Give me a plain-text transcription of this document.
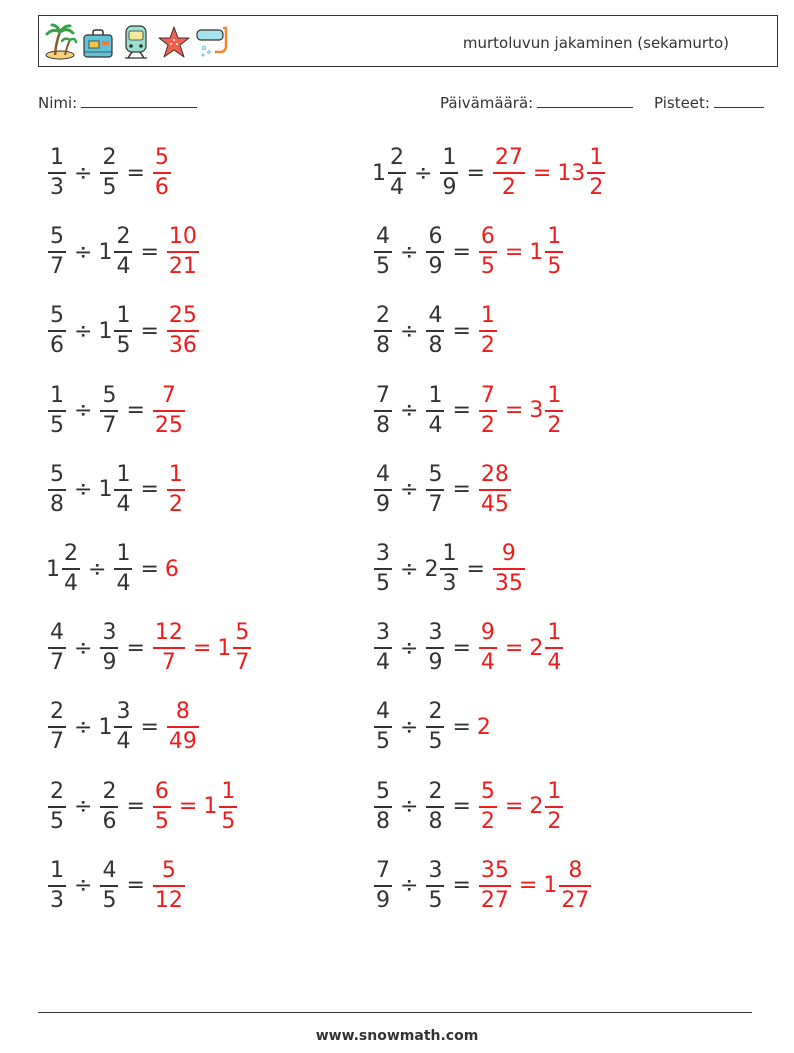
murtoluvun jakaminen (sekamurto)
Nimi:	Päivämäärä:	Pisteet:
$\frac{1}{3} \div \frac{2}{5} = \frac{5}{6}$	$1 \frac{2}{4} \div \frac{1}{9} = \frac{27}{2} = 13 \frac{1}{2}$
$\frac{5}{7} \div 1 \frac{2}{4} = \frac{10}{21}$	$\frac{4}{5} \div \frac{6}{9} = \frac{6}{5} = 1 \frac{1}{5}$
$\frac{5}{6} \div 1 \frac{1}{5} = \frac{25}{36}$	$\frac{2}{8} \div \frac{4}{8} = \frac{1}{2}$
$\frac{1}{5} \div \frac{5}{7} = \frac{7}{25}$	$\frac{7}{8} \div \frac{1}{4} = \frac{7}{2} = 3 \frac{1}{2}$
$\frac{5}{8} \div 1 \frac{1}{4} = \frac{1}{2}$	$\frac{4}{9} \div \frac{5}{7} = \frac{28}{45}$
$1 \frac{2}{4} \div \frac{1}{4} = 6$	$\frac{3}{5} \div 2 \frac{1}{3} = \frac{9}{35}$
$\frac{4}{7} \div \frac{3}{9} = \frac{12}{7} = 1 \frac{5}{7}$	$\frac{3}{4} \div \frac{3}{9} = \frac{9}{4} = 2 \frac{1}{4}$
$\frac{2}{7} \div 1 \frac{3}{4} = \frac{8}{49}$	$\frac{4}{5} \div \frac{2}{5} = 2$
$\frac{2}{5} \div \frac{2}{6} = \frac{6}{5} = 1 \frac{1}{5}$	$\frac{5}{8} \div \frac{2}{8} = \frac{5}{2} = 2 \frac{1}{2}$
$\frac{1}{3} \div \frac{4}{5} = \frac{5}{12}$	$\frac{7}{9} \div \frac{3}{5} = \frac{35}{27} = 1 \frac{8}{27}$
www.snowmath.com
